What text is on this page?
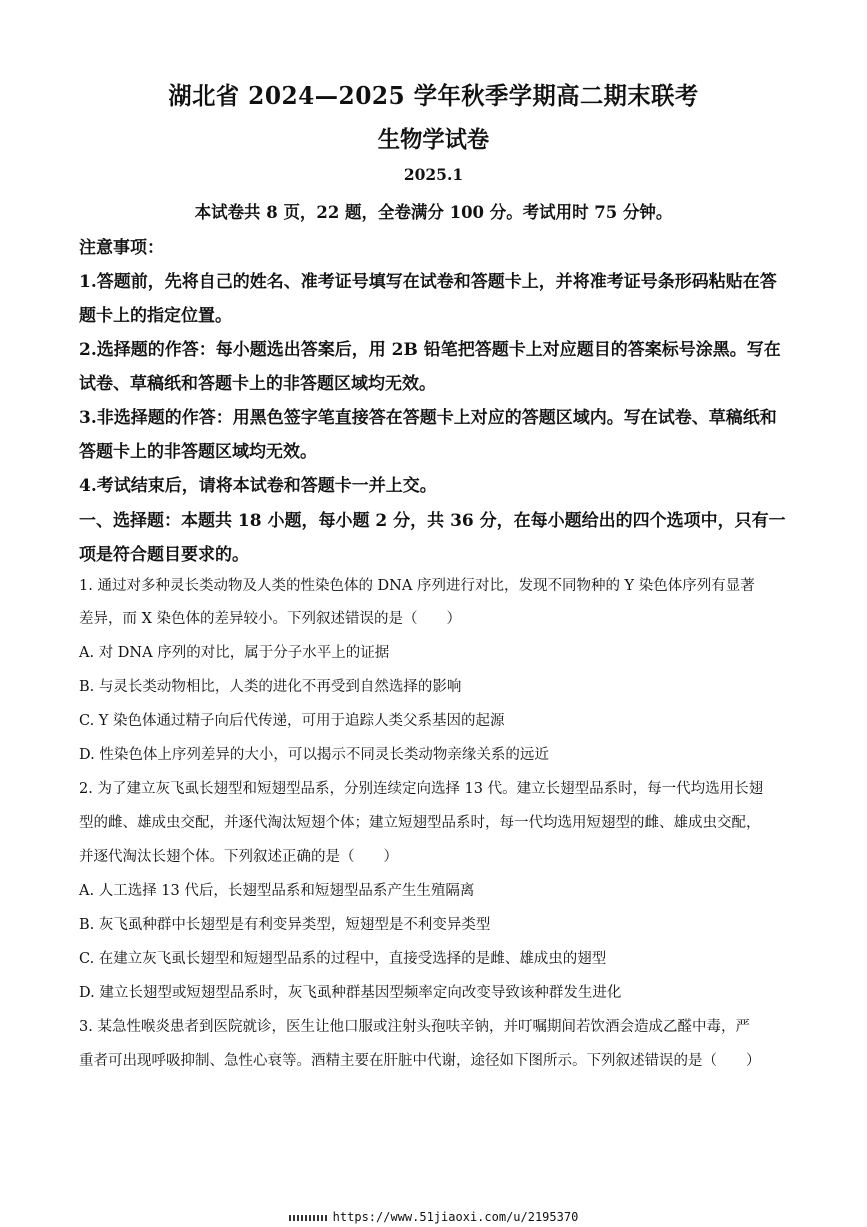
湖北省 2024—2025 学年秋季学期高二期末联考
生物学试卷
2025.1
本试卷共 8 页，22 题，全卷满分 100 分。考试用时 75 分钟。
注意事项：
1.答题前，先将自己的姓名、准考证号填写在试卷和答题卡上，并将准考证号条形码粘贴在答
题卡上的指定位置。
2.选择题的作答：每小题选出答案后，用 2B 铅笔把答题卡上对应题目的答案标号涂黑。写在
试卷、草稿纸和答题卡上的非答题区域均无效。
3.非选择题的作答：用黑色签字笔直接答在答题卡上对应的答题区域内。写在试卷、草稿纸和
答题卡上的非答题区域均无效。
4.考试结束后，请将本试卷和答题卡一并上交。
一、选择题：本题共 18 小题，每小题 2 分，共 36 分，在每小题给出的四个选项中，只有一
项是符合题目要求的。
1. 通过对多种灵长类动物及人类的性染色体的 DNA 序列进行对比，发现不同物种的 Y 染色体序列有显著
差异，而 X 染色体的差异较小。下列叙述错误的是（　　）
A. 对 DNA 序列的对比，属于分子水平上的证据
B. 与灵长类动物相比，人类的进化不再受到自然选择的影响
C. Y 染色体通过精子向后代传递，可用于追踪人类父系基因的起源
D. 性染色体上序列差异的大小，可以揭示不同灵长类动物亲缘关系的远近
2. 为了建立灰飞虱长翅型和短翅型品系，分别连续定向选择 13 代。建立长翅型品系时，每一代均选用长翅
型的雌、雄成虫交配，并逐代淘汰短翅个体；建立短翅型品系时，每一代均选用短翅型的雌、雄成虫交配，
并逐代淘汰长翅个体。下列叙述正确的是（　　）
A. 人工选择 13 代后，长翅型品系和短翅型品系产生生殖隔离
B. 灰飞虱种群中长翅型是有利变异类型，短翅型是不利变异类型
C. 在建立灰飞虱长翅型和短翅型品系的过程中，直接受选择的是雌、雄成虫的翅型
D. 建立长翅型或短翅型品系时，灰飞虱种群基因型频率定向改变导致该种群发生进化
3. 某急性喉炎患者到医院就诊，医生让他口服或注射头孢呋辛钠，并叮嘱期间若饮酒会造成乙醛中毒，严
重者可出现呼吸抑制、急性心衰等。酒精主要在肝脏中代谢，途径如下图所示。下列叙述错误的是（　　）
https://www.51jiaoxi.com/u/2195370
